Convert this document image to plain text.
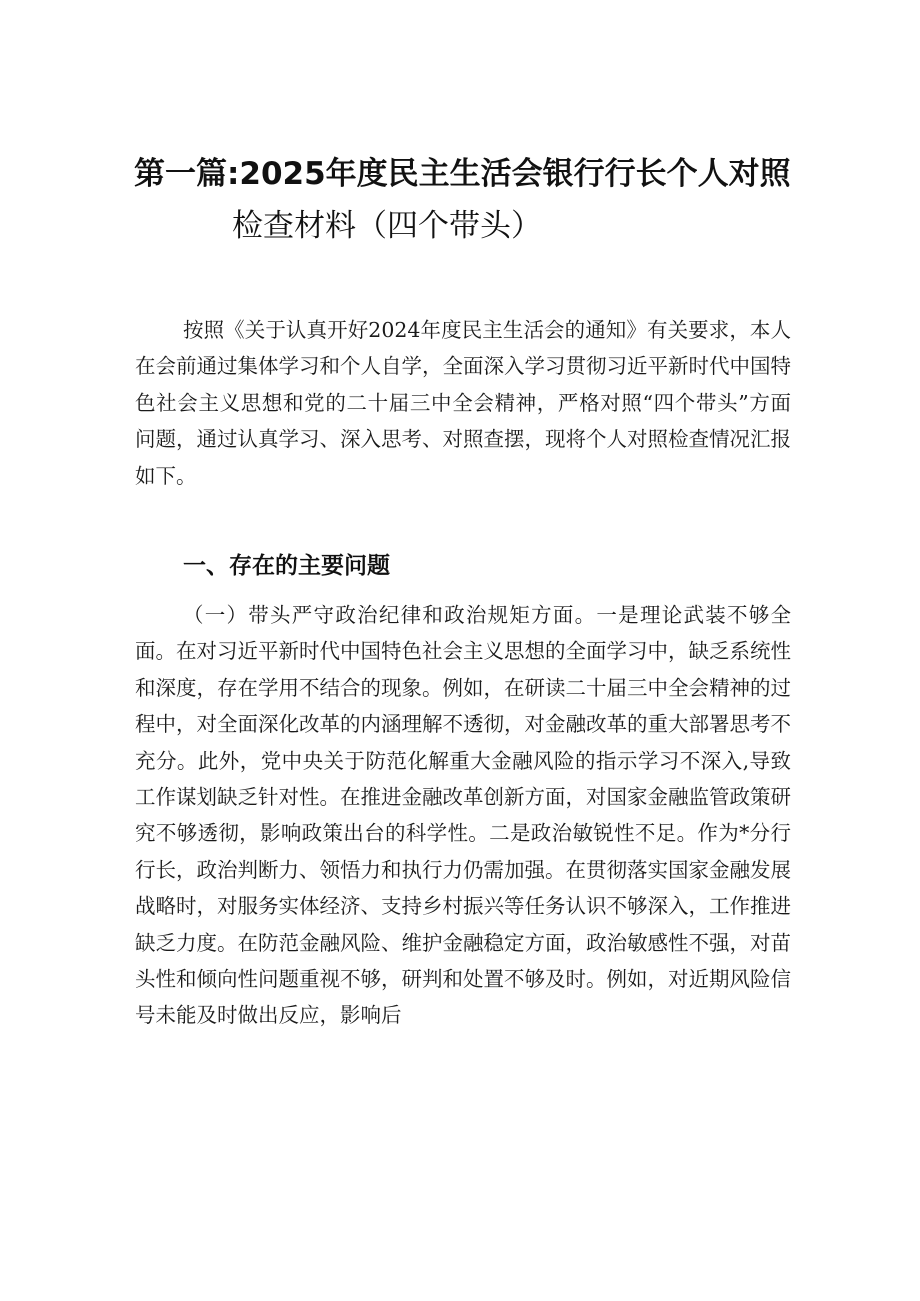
第一篇:2025年度民主生活会银行行长个人对照
检查材料（四个带头）

按照《关于认真开好2024年度民主生活会的通知》有关要求，本人在会前通过集体学习和个人自学，全面深入学习贯彻习近平新时代中国特色社会主义思想和党的二十届三中全会精神，严格对照“四个带头”方面问题，通过认真学习、深入思考、对照查摆，现将个人对照检查情况汇报如下。

一、存在的主要问题

（一）带头严守政治纪律和政治规矩方面。一是理论武装不够全面。在对习近平新时代中国特色社会主义思想的全面学习中，缺乏系统性和深度，存在学用不结合的现象。例如，在研读二十届三中全会精神的过程中，对全面深化改革的内涵理解不透彻，对金融改革的重大部署思考不充分。此外，党中央关于防范化解重大金融风险的指示学习不深入,导致工作谋划缺乏针对性。在推进金融改革创新方面，对国家金融监管政策研究不够透彻，影响政策出台的科学性。二是政治敏锐性不足。作为*分行行长，政治判断力、领悟力和执行力仍需加强。在贯彻落实国家金融发展战略时，对服务实体经济、支持乡村振兴等任务认识不够深入，工作推进缺乏力度。在防范金融风险、维护金融稳定方面，政治敏感性不强，对苗头性和倾向性问题重视不够，研判和处置不够及时。例如，对近期风险信号未能及时做出反应，影响后
